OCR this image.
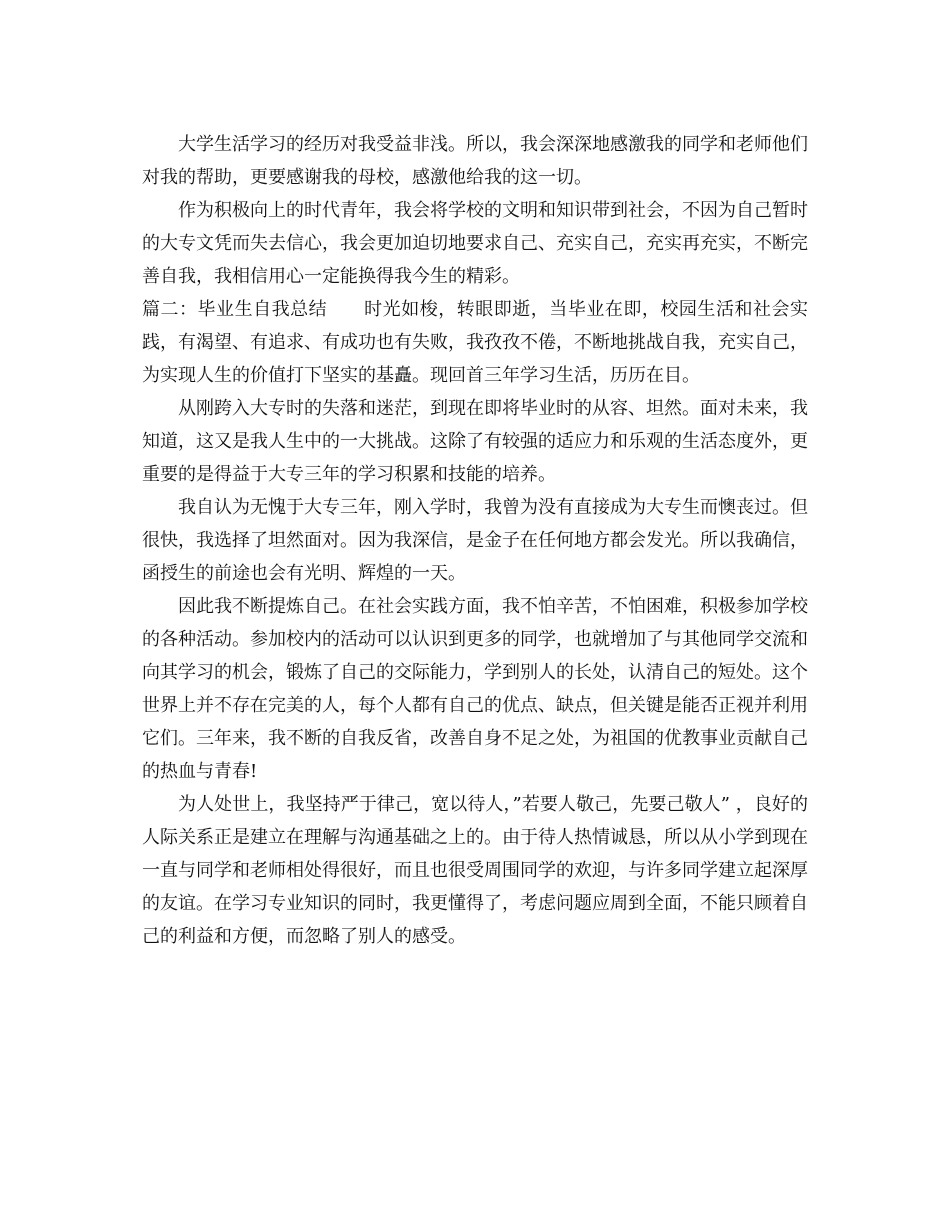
大学生活学习的经历对我受益非浅。所以，我会深深地感激我的同学和老师他们对我的帮助，更要感谢我的母校，感激他给我的这一切。

作为积极向上的时代青年，我会将学校的文明和知识带到社会，不因为自己暂时的大专文凭而失去信心，我会更加迫切地要求自己、充实自己，充实再充实，不断完善自我，我相信用心一定能换得我今生的精彩。

篇二：毕业生自我总结　　时光如梭，转眼即逝，当毕业在即，校园生活和社会实践，有渴望、有追求、有成功也有失败，我孜孜不倦，不断地挑战自我，充实自己，为实现人生的价值打下坚实的基矗。现回首三年学习生活，历历在目。

从刚跨入大专时的失落和迷茫，到现在即将毕业时的从容、坦然。面对未来，我知道，这又是我人生中的一大挑战。这除了有较强的适应力和乐观的生活态度外，更重要的是得益于大专三年的学习积累和技能的培养。

我自认为无愧于大专三年，刚入学时，我曾为没有直接成为大专生而懊丧过。但很快，我选择了坦然面对。因为我深信，是金子在任何地方都会发光。所以我确信，函授生的前途也会有光明、辉煌的一天。

因此我不断提炼自己。在社会实践方面，我不怕辛苦，不怕困难，积极参加学校的各种活动。参加校内的活动可以认识到更多的同学，也就增加了与其他同学交流和向其学习的机会，锻炼了自己的交际能力，学到别人的长处，认清自己的短处。这个世界上并不存在完美的人，每个人都有自己的优点、缺点，但关键是能否正视并利用它们。三年来，我不断的自我反省，改善自身不足之处，为祖国的优教事业贡献自己的热血与青春!

为人处世上，我坚持严于律己，宽以待人，”若要人敬己，先要己敬人” ，良好的人际关系正是建立在理解与沟通基础之上的。由于待人热情诚恳，所以从小学到现在一直与同学和老师相处得很好，而且也很受周围同学的欢迎，与许多同学建立起深厚的友谊。在学习专业知识的同时，我更懂得了，考虑问题应周到全面，不能只顾着自己的利益和方便，而忽略了别人的感受。
